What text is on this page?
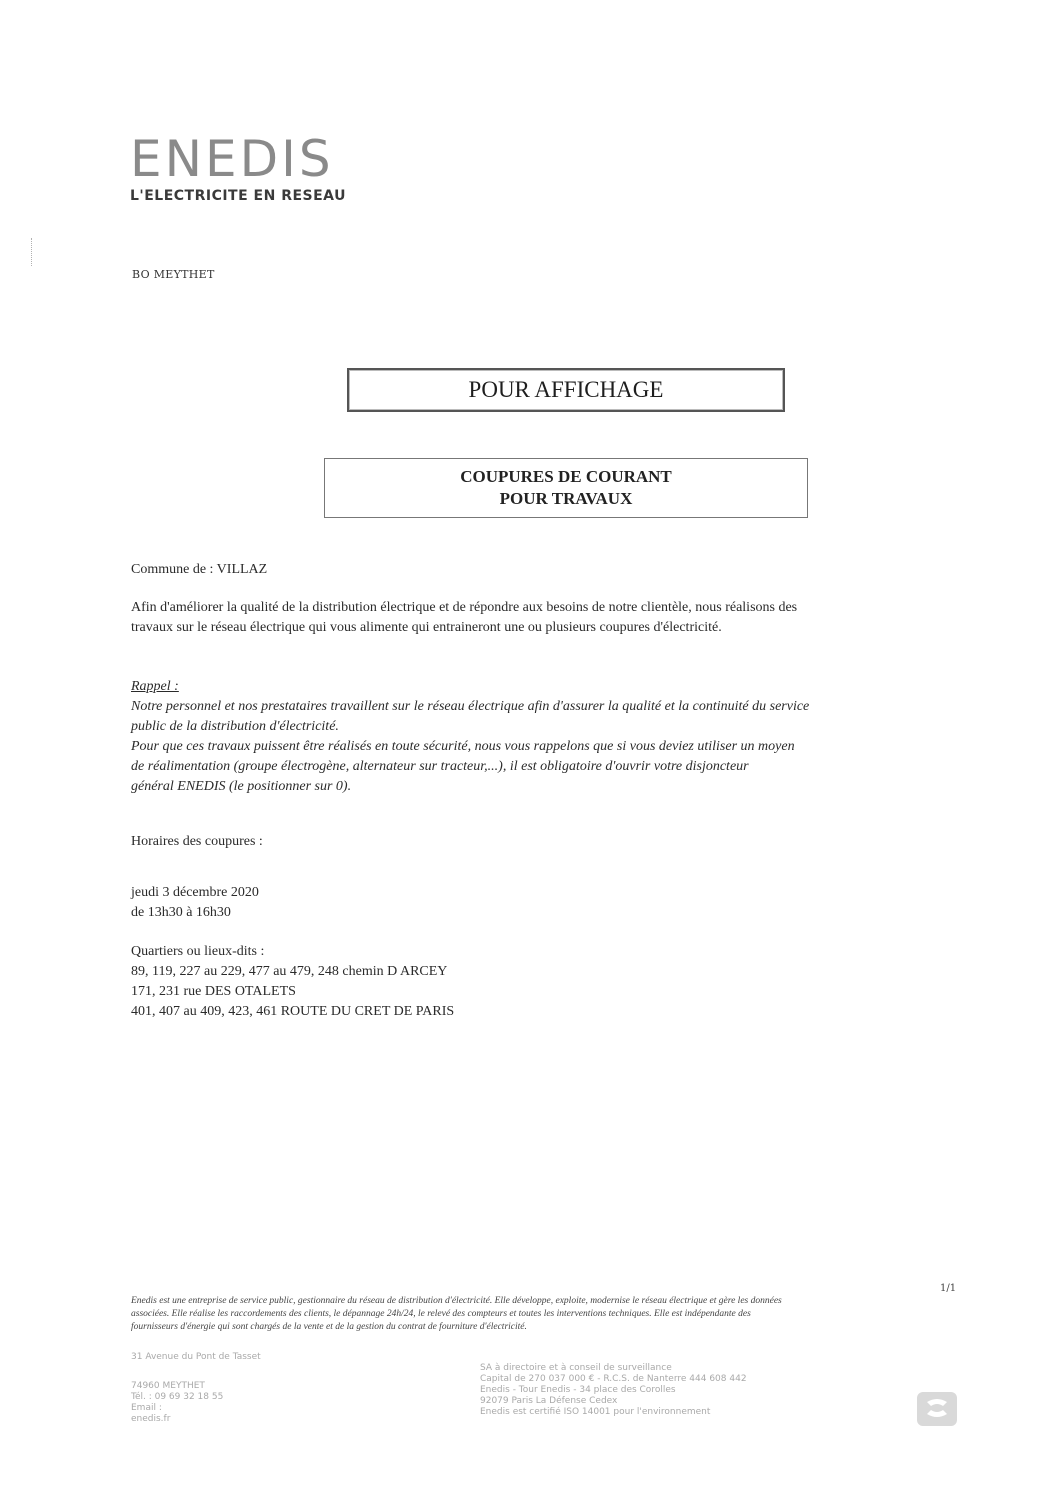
ENEDIS
L'ELECTRICITE EN RESEAU
BO MEYTHET
POUR AFFICHAGE
COUPURES DE COURANT
POUR TRAVAUX
Commune de : VILLAZ
Afin d'améliorer la qualité de la distribution électrique et de répondre aux besoins de notre clientèle, nous réalisons des
travaux sur le réseau électrique qui vous alimente qui entraineront une ou plusieurs coupures d'électricité.
Rappel :
Notre personnel et nos prestataires travaillent sur le réseau électrique afin d'assurer la qualité et la continuité du service
public de la distribution d'électricité.
Pour que ces travaux puissent être réalisés en toute sécurité, nous vous rappelons que si vous deviez utiliser un moyen
de réalimentation (groupe électrogène, alternateur sur tracteur,...), il est obligatoire d'ouvrir votre disjoncteur
général ENEDIS (le positionner sur 0).
Horaires des coupures :
jeudi 3 décembre 2020
de 13h30 à 16h30
Quartiers ou lieux-dits :
89, 119, 227 au 229, 477 au 479, 248 chemin D ARCEY
171, 231 rue DES OTALETS
401, 407 au 409, 423, 461 ROUTE DU CRET DE PARIS
1/1
Enedis est une entreprise de service public, gestionnaire du réseau de distribution d'électricité. Elle développe, exploite, modernise le réseau électrique et gère les données
associées. Elle réalise les raccordements des clients, le dépannage 24h/24, le relevé des compteurs et toutes les interventions techniques. Elle est indépendante des
fournisseurs d'énergie qui sont chargés de la vente et de la gestion du contrat de fourniture d'électricité.
31 Avenue du Pont de Tasset
74960 MEYTHET
Tél. : 09 69 32 18 55
Email :
enedis.fr
SA à directoire et à conseil de surveillance
Capital de 270 037 000 € - R.C.S. de Nanterre 444 608 442
Enedis - Tour Enedis - 34 place des Corolles
92079 Paris La Défense Cedex
Enedis est certifié ISO 14001 pour l'environnement
